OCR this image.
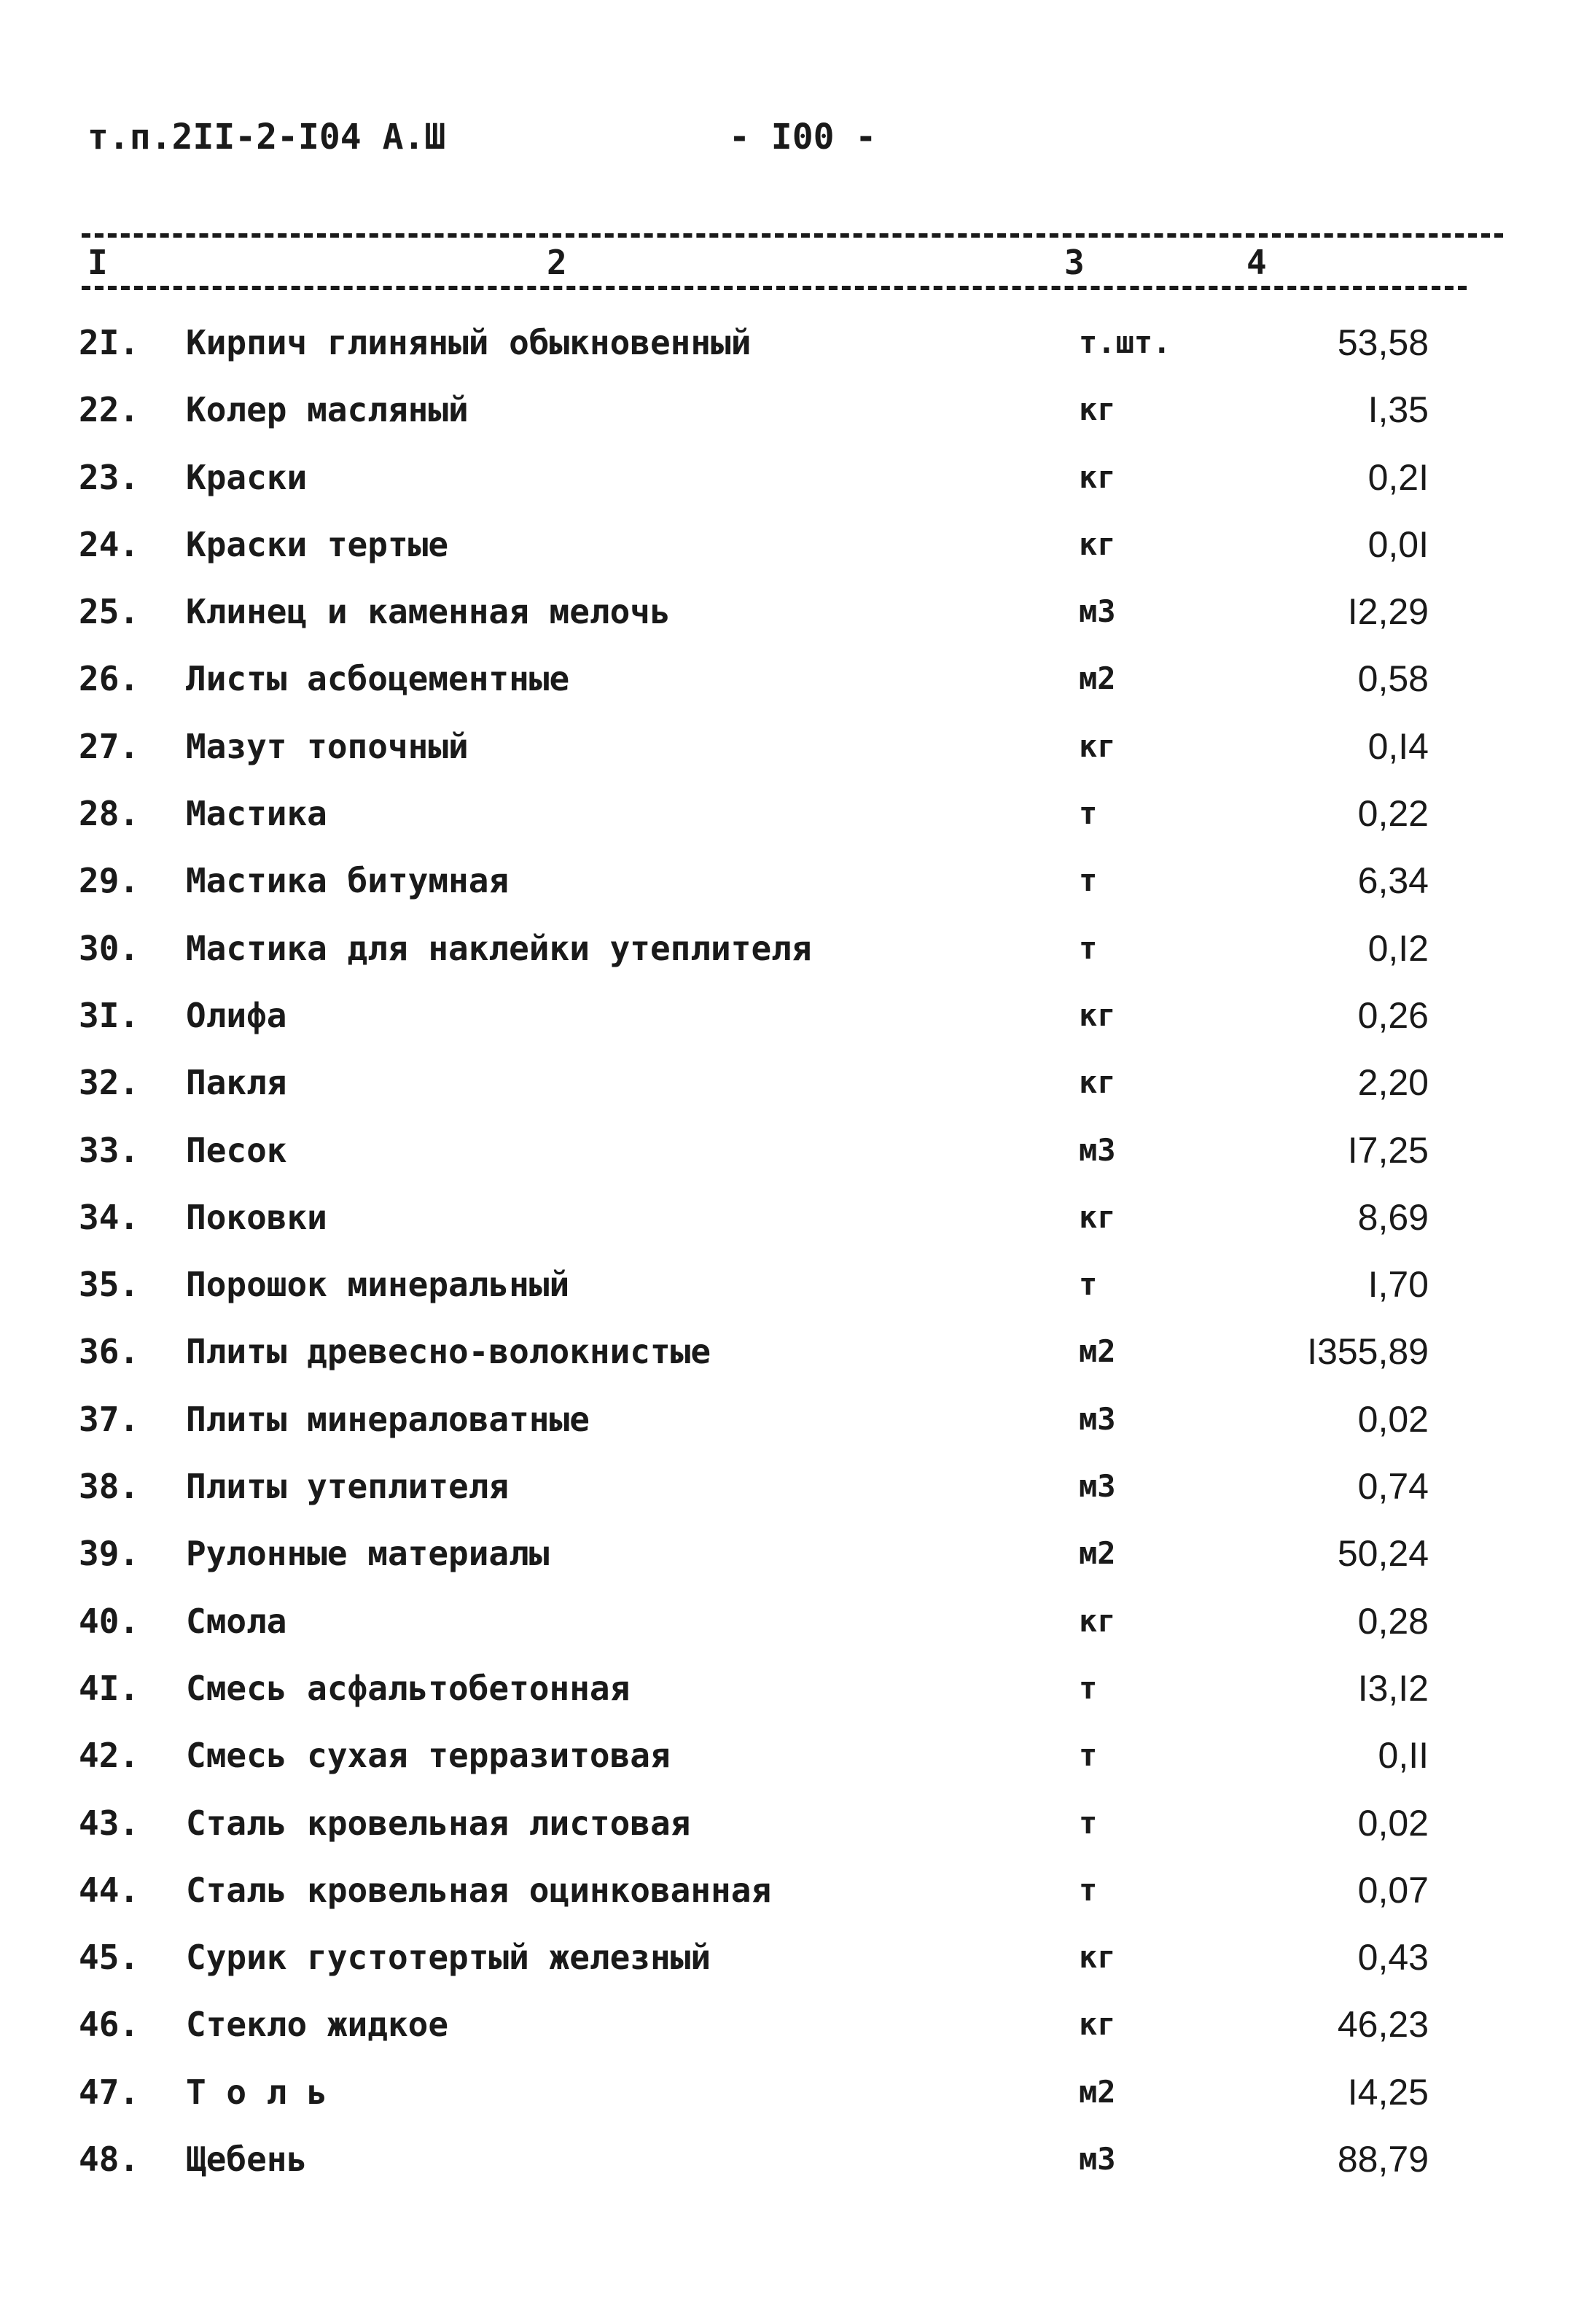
т.п.2II-2-I04 А.Ш	- I00 -
I	2	3	4
2I.	Кирпич глиняный обыкновенный	т.шт.	53,58
22.	Колер масляный	кг	I,35
23.	Краски	кг	0,2I
24.	Краски тертые	кг	0,0I
25.	Клинец и каменная мелочь	м3	I2,29
26.	Листы асбоцементные	м2	0,58
27.	Мазут топочный	кг	0,I4
28.	Мастика	т	0,22
29.	Мастика битумная	т	6,34
30.	Мастика для наклейки утеплителя	т	0,I2
3I.	Олифа	кг	0,26
32.	Пакля	кг	2,20
33.	Песок	м3	I7,25
34.	Поковки	кг	8,69
35.	Порошок минеральный	т	I,70
36.	Плиты древесно-волокнистые	м2	I355,89
37.	Плиты минераловатные	м3	0,02
38.	Плиты утеплителя	м3	0,74
39.	Рулонные материалы	м2	50,24
40.	Смола	кг	0,28
4I.	Смесь асфальтобетонная	т	I3,I2
42.	Смесь сухая терразитовая	т	0,II
43.	Сталь кровельная листовая	т	0,02
44.	Сталь кровельная оцинкованная	т	0,07
45.	Сурик густотертый железный	кг	0,43
46.	Стекло жидкое	кг	46,23
47.	Т о л ь	м2	I4,25
48.	Щебень	м3	88,79
